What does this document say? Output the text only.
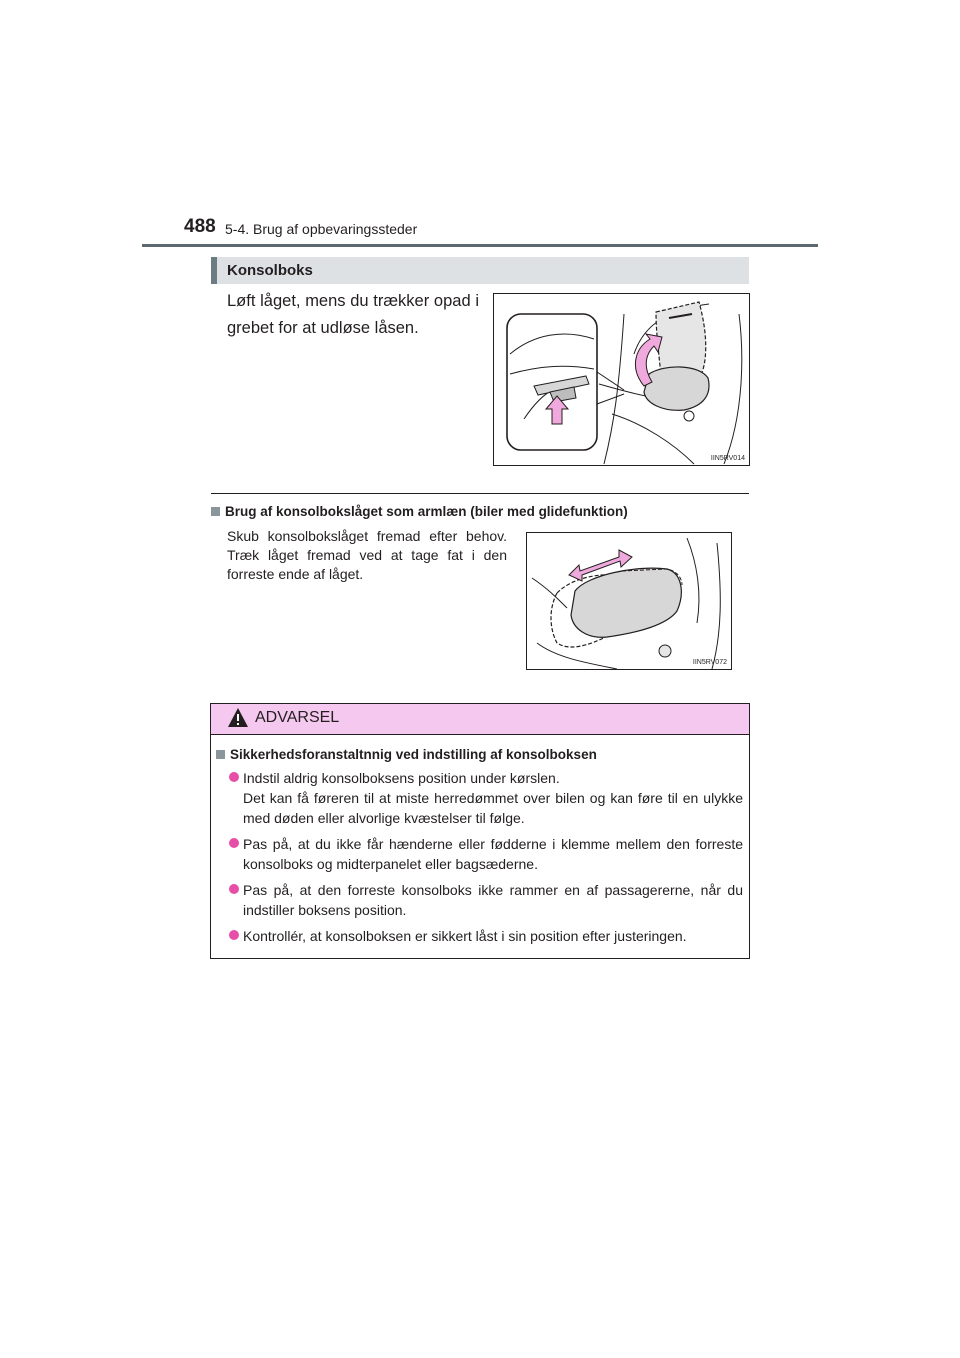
488 5-4. Brug af opbevaringssteder
Konsolboks
Løft låget, mens du trækker opad i grebet for at udløse låsen.
IIN5RV014
Brug af konsolbokslåget som armlæn (biler med glidefunktion)
Skub konsolbokslåget fremad efter behov. Træk låget fremad ved at tage fat i den forreste ende af låget.
IIN5RV072
ADVARSEL
Sikkerhedsforanstaltnnig ved indstilling af konsolboksen
Indstil aldrig konsolboksens position under kørslen.
Det kan få føreren til at miste herredømmet over bilen og kan føre til en ulykke med døden eller alvorlige kvæstelser til følge.
Pas på, at du ikke får hænderne eller fødderne i klemme mellem den forreste konsolboks og midterpanelet eller bagsæderne.
Pas på, at den forreste konsolboks ikke rammer en af passagererne, når du indstiller boksens position.
Kontrollér, at konsolboksen er sikkert låst i sin position efter justeringen.
